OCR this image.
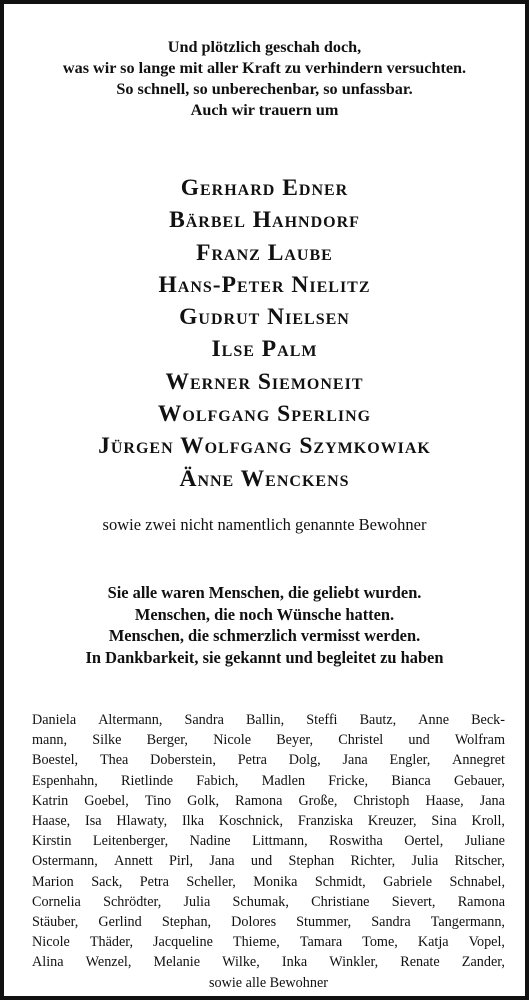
Und plötzlich geschah doch,
was wir so lange mit aller Kraft zu verhindern versuchten.
So schnell, so unberechenbar, so unfassbar.
Auch wir trauern um
Gerhard Edner
Bärbel Hahndorf
Franz Laube
Hans-Peter Nielitz
Gudrut Nielsen
Ilse Palm
Werner Siemoneit
Wolfgang Sperling
Jürgen Wolfgang Szymkowiak
Änne Wenckens
sowie zwei nicht namentlich genannte Bewohner
Sie alle waren Menschen, die geliebt wurden.
Menschen, die noch Wünsche hatten.
Menschen, die schmerzlich vermisst werden.
In Dankbarkeit, sie gekannt und begleitet zu haben
Daniela Altermann, Sandra Ballin, Steffi Bautz, Anne Beck-
mann, Silke Berger, Nicole Beyer, Christel und Wolfram
Boestel, Thea Doberstein, Petra Dolg, Jana Engler, Annegret
Espenhahn, Rietlinde Fabich, Madlen Fricke, Bianca Gebauer,
Katrin Goebel, Tino Golk, Ramona Große, Christoph Haase, Jana
Haase, Isa Hlawaty, Ilka Koschnick, Franziska Kreuzer, Sina Kroll,
Kirstin Leitenberger, Nadine Littmann, Roswitha Oertel, Juliane
Ostermann, Annett Pirl, Jana und Stephan Richter, Julia Ritscher,
Marion Sack, Petra Scheller, Monika Schmidt, Gabriele Schnabel,
Cornelia Schrödter, Julia Schumak, Christiane Sievert, Ramona
Stäuber, Gerlind Stephan, Dolores Stummer, Sandra Tangermann,
Nicole Thäder, Jacqueline Thieme, Tamara Tome, Katja Vopel,
Alina Wenzel, Melanie Wilke, Inka Winkler, Renate Zander,
sowie alle Bewohner
